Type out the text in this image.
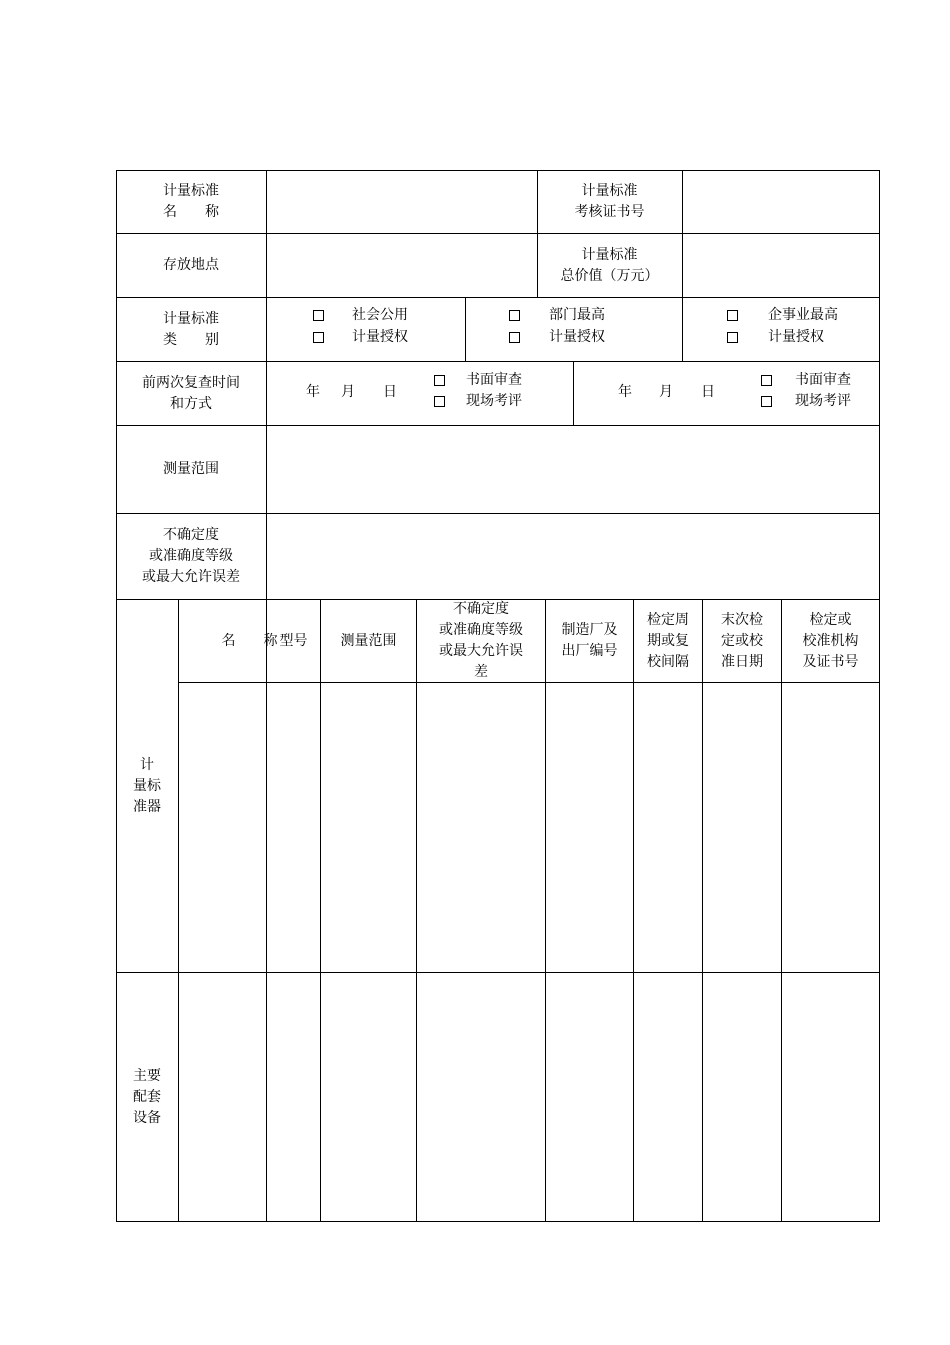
计量标准
名　　称
计量标准
考核证书号
存放地点
计量标准
总价值（万元）
计量标准
类　　别
社会公用
计量授权
部门最高
计量授权
企事业最高
计量授权
前两次复查时间
和方式
年 月 日
书面审查
现场考评
年 月 日
书面审查
现场考评
测量范围
不确定度
或准确度等级
或最大允许误差
名　　称 型号 测量范围
不确定度
或准确度等级
或最大允许误
差
制造厂及
出厂编号
检定周
期或复
校间隔
末次检
定或校
准日期
检定或
校准机构
及证书号
计
量标
准器
主要
配套
设备
